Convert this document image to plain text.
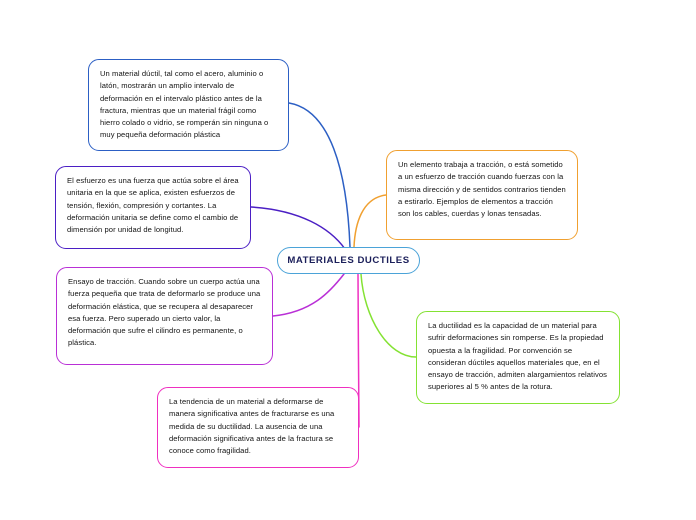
Un material dúctil, tal como el acero, aluminio o latón, mostrarán un amplio intervalo de deformación en el intervalo plástico antes de la fractura, mientras que un material frágil como hierro colado o vidrio, se romperán sin ninguna o muy pequeña deformación plástica
El esfuerzo es una fuerza que actúa sobre el área unitaria en la que se aplica, existen esfuerzos de tensión, flexión, compresión y cortantes. La deformación unitaria se define como el cambio de dimensión por unidad de longitud.
Ensayo de tracción. Cuando sobre un cuerpo actúa una fuerza pequeña que trata de deformarlo se produce una deformación elástica, que se recupera al desaparecer esa fuerza. Pero superado un cierto valor, la deformación que sufre el cilindro es permanente, o plástica.
La tendencia de un material a deformarse de manera significativa antes de fracturarse es una medida de su ductilidad. La ausencia de una deformación significativa antes de la fractura se conoce como fragilidad.
Un elemento trabaja a tracción, o está sometido a un esfuerzo de tracción cuando fuerzas con la misma dirección y de sentidos contrarios tienden a estirarlo. Ejemplos de elementos a tracción son los cables, cuerdas y lonas tensadas.
La ductilidad es la capacidad de un material para sufrir deformaciones sin romperse. Es la propiedad opuesta a la fragilidad. Por convención se consideran dúctiles aquellos materiales que, en el ensayo de tracción, admiten alargamientos relativos superiores al 5 % antes de la rotura.
MATERIALES DUCTILES
